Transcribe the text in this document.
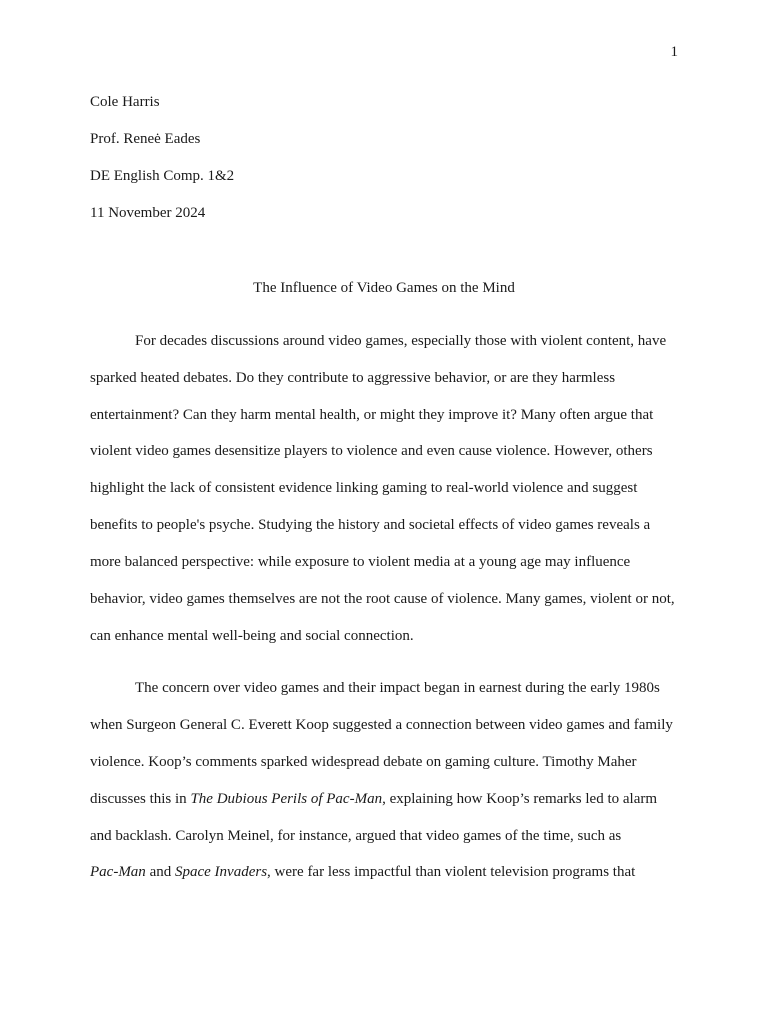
1
Cole Harris
Prof. Reneė Eades
DE English Comp. 1&2
11 November 2024
The Influence of Video Games on the Mind
For decades discussions around video games, especially those with violent content, have
sparked heated debates. Do they contribute to aggressive behavior, or are they harmless
entertainment? Can they harm mental health, or might they improve it? Many often argue that
violent video games desensitize players to violence and even cause violence. However, others
highlight the lack of consistent evidence linking gaming to real-world violence and suggest
benefits to people's psyche. Studying the history and societal effects of video games reveals a
more balanced perspective: while exposure to violent media at a young age may influence
behavior, video games themselves are not the root cause of violence. Many games, violent or not,
can enhance mental well-being and social connection.
The concern over video games and their impact began in earnest during the early 1980s
when Surgeon General C. Everett Koop suggested a connection between video games and family
violence. Koop’s comments sparked widespread debate on gaming culture. Timothy Maher
discusses this in The Dubious Perils of Pac-Man, explaining how Koop’s remarks led to alarm
and backlash. Carolyn Meinel, for instance, argued that video games of the time, such as
Pac-Man and Space Invaders, were far less impactful than violent television programs that
